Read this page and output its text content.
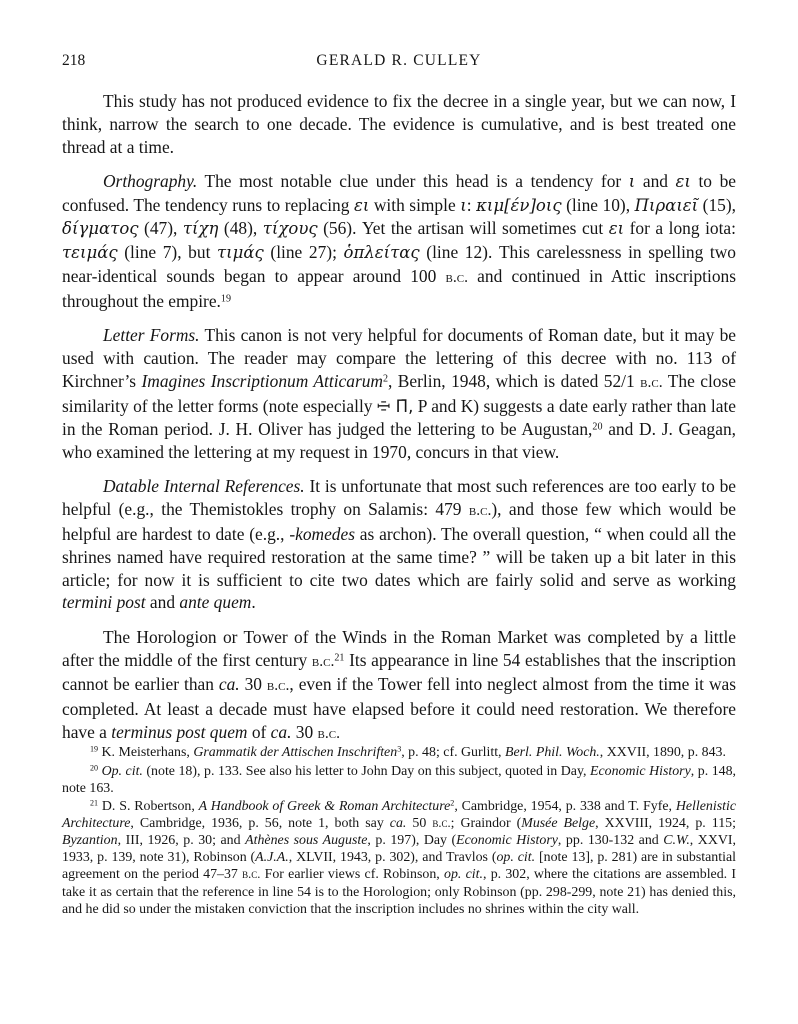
218	GERALD R. CULLEY

This study has not produced evidence to fix the decree in a single year, but we can now, I think, narrow the search to one decade. The evidence is cumulative, and is best treated one thread at a time.

Orthography. The most notable clue under this head is a tendency for ι and ει to be confused. The tendency runs to replacing ει with simple ι: κιμ[έν]οις (line 10), Πιραιεῖ (15), δίγματος (47), τίχη (48), τίχους (56). Yet the artisan will sometimes cut ει for a long iota: τειμάς (line 7), but τιμάς (line 27); ὁπλείτας (line 12). This carelessness in spelling two near-identical sounds began to appear around 100 b.c. and continued in Attic inscriptions throughout the empire.$^{19}$

Letter Forms. This canon is not very helpful for documents of Roman date, but it may be used with caution. The reader may compare the lettering of this decree with no. 113 of Kirchner’s Imagines Inscriptionum Atticarum$^2$, Berlin, 1948, which is dated 52/1 b.c. The close similarity of the letter forms (note especially ꟷ̱̄ Π̄, P and K) suggests a date early rather than late in the Roman period. J. H. Oliver has judged the lettering to be Augustan,$^{20}$ and D. J. Geagan, who examined the lettering at my request in 1970, concurs in that view.

Datable Internal References. It is unfortunate that most such references are too early to be helpful (e.g., the Themistokles trophy on Salamis: 479 b.c.), and those few which would be helpful are hardest to date (e.g., -komedes as archon). The overall question, “ when could all the shrines named have required restoration at the same time? ” will be taken up a bit later in this article; for now it is sufficient to cite two dates which are fairly solid and serve as working termini post and ante quem.

The Horologion or Tower of the Winds in the Roman Market was completed by a little after the middle of the first century b.c.$^{21}$ Its appearance in line 54 establishes that the inscription cannot be earlier than ca. 30 b.c., even if the Tower fell into neglect almost from the time it was completed. At least a decade must have elapsed before it could need restoration. We therefore have a terminus post quem of ca. 30 b.c.

$^{19}$ K. Meisterhans, Grammatik der Attischen Inschriften$^3$, p. 48; cf. Gurlitt, Berl. Phil. Woch., XXVII, 1890, p. 843.

$^{20}$ Op. cit. (note 18), p. 133. See also his letter to John Day on this subject, quoted in Day, Economic History, p. 148, note 163.

$^{21}$ D. S. Robertson, A Handbook of Greek & Roman Architecture$^2$, Cambridge, 1954, p. 338 and T. Fyfe, Hellenistic Architecture, Cambridge, 1936, p. 56, note 1, both say ca. 50 b.c.; Graindor (Musée Belge, XXVIII, 1924, p. 115; Byzantion, III, 1926, p. 30; and Athènes sous Auguste, p. 197), Day (Economic History, pp. 130-132 and C.W., XXVI, 1933, p. 139, note 31), Robinson (A.J.A., XLVII, 1943, p. 302), and Travlos (op. cit. [note 13], p. 281) are in substantial agreement on the period 47–37 b.c. For earlier views cf. Robinson, op. cit., p. 302, where the citations are assembled. I take it as certain that the reference in line 54 is to the Horologion; only Robinson (pp. 298-299, note 21) has denied this, and he did so under the mistaken conviction that the inscription includes no shrines within the city wall.
